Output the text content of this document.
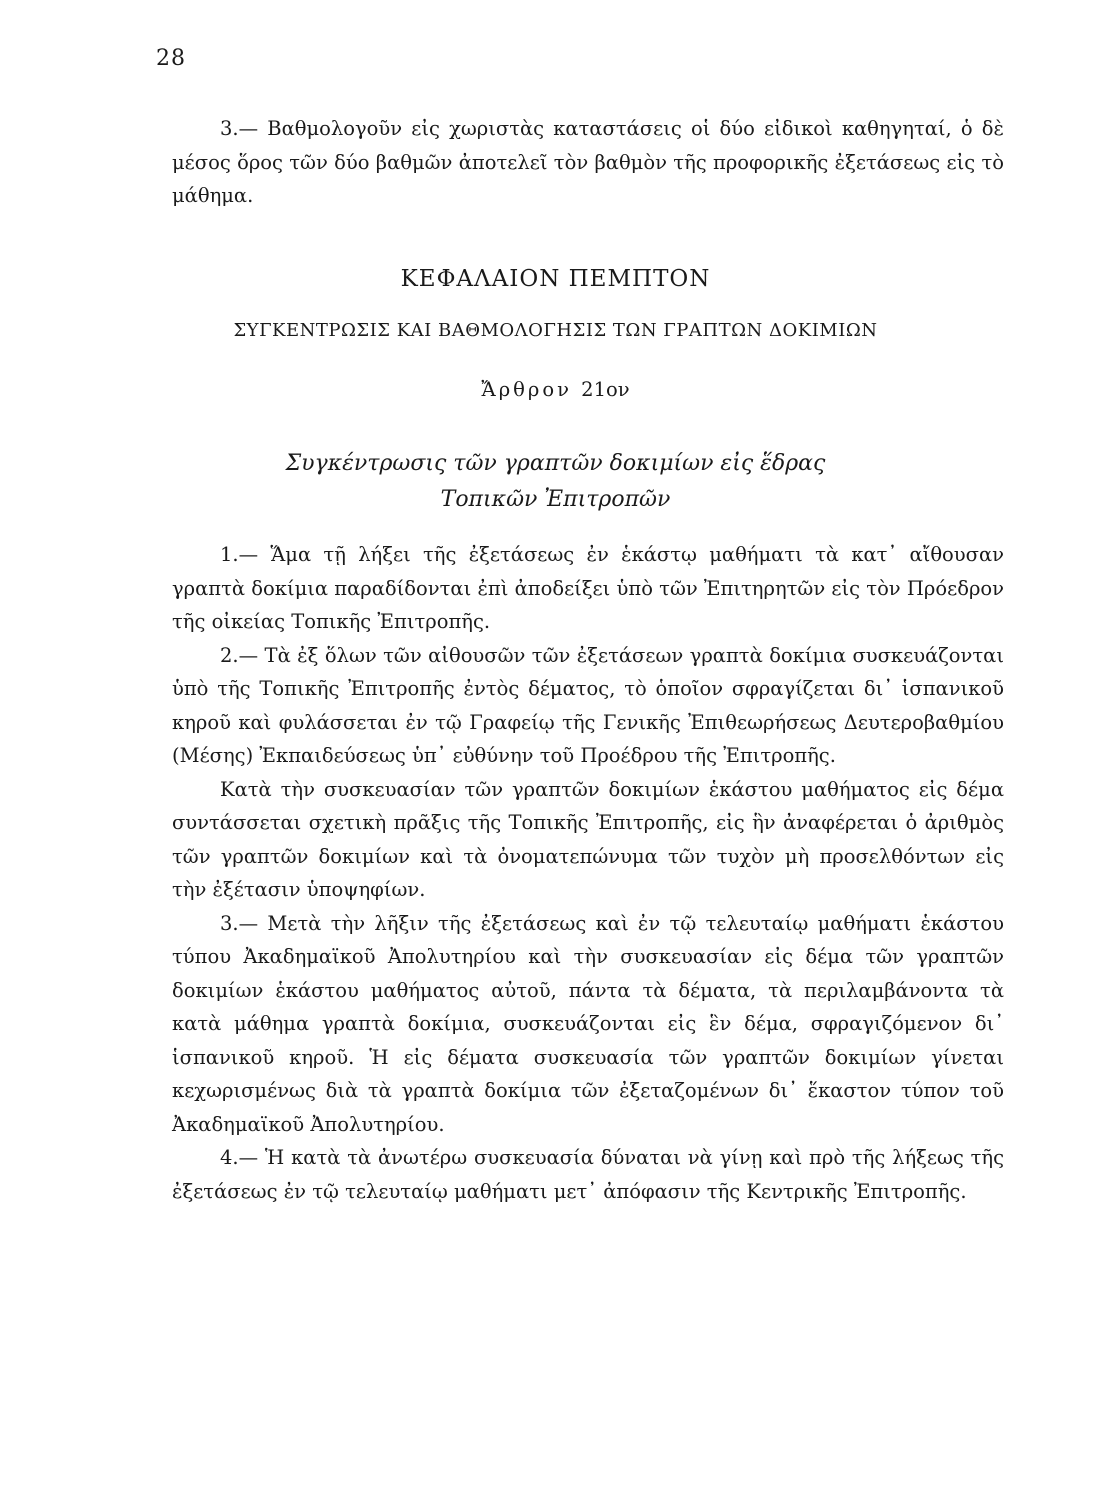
28

3.— Βαθμολογοῦν εἰς χωριστὰς καταστάσεις οἱ δύο εἰδικοὶ καθηγηταί, ὁ δὲ μέσος ὅρος τῶν δύο βαθμῶν ἀποτελεῖ τὸν βαθμὸν τῆς προφορικῆς ἐξετάσεως εἰς τὸ μάθημα.

ΚΕΦΑΛΑΙΟΝ ΠΕΜΠΤΟΝ
ΣΥΓΚΕΝΤΡΩΣΙΣ ΚΑΙ ΒΑΘΜΟΛΟΓΗΣΙΣ ΤΩΝ ΓΡΑΠΤΩΝ ΔΟΚΙΜΙΩΝ
Ἄρθρον 21ον
Συγκέντρωσις τῶν γραπτῶν δοκιμίων εἰς ἕδρας
Τοπικῶν Ἐπιτροπῶν

1.— Ἅμα τῇ λήξει τῆς ἐξετάσεως ἐν ἑκάστῳ μαθήματι τὰ κατ᾽ αἴθουσαν γραπτὰ δοκίμια παραδίδονται ἐπὶ ἀποδείξει ὑπὸ τῶν Ἐπιτηρητῶν εἰς τὸν Πρόεδρον τῆς οἰκείας Τοπικῆς Ἐπιτροπῆς.

2.— Τὰ ἐξ ὅλων τῶν αἰθουσῶν τῶν ἐξετάσεων γραπτὰ δοκίμια συσκευάζονται ὑπὸ τῆς Τοπικῆς Ἐπιτροπῆς ἐντὸς δέματος, τὸ ὁποῖον σφραγίζεται δι᾽ ἱσπανικοῦ κηροῦ καὶ φυλάσσεται ἐν τῷ Γραφείῳ τῆς Γενικῆς Ἐπιθεωρήσεως Δευτεροβαθμίου (Μέσης) Ἐκπαιδεύσεως ὑπ᾽ εὐθύνην τοῦ Προέδρου τῆς Ἐπιτροπῆς.

Κατὰ τὴν συσκευασίαν τῶν γραπτῶν δοκιμίων ἑκάστου μαθήματος εἰς δέμα συντάσσεται σχετικὴ πρᾶξις τῆς Τοπικῆς Ἐπιτροπῆς, εἰς ἣν ἀναφέρεται ὁ ἀριθμὸς τῶν γραπτῶν δοκιμίων καὶ τὰ ὀνοματεπώνυμα τῶν τυχὸν μὴ προσελθόντων εἰς τὴν ἐξέτασιν ὑποψηφίων.

3.— Μετὰ τὴν λῆξιν τῆς ἐξετάσεως καὶ ἐν τῷ τελευταίῳ μαθήματι ἑκάστου τύπου Ἀκαδημαϊκοῦ Ἀπολυτηρίου καὶ τὴν συσκευασίαν εἰς δέμα τῶν γραπτῶν δοκιμίων ἑκάστου μαθήματος αὐτοῦ, πάντα τὰ δέματα, τὰ περιλαμβάνοντα τὰ κατὰ μάθημα γραπτὰ δοκίμια, συσκευάζονται εἰς ἓν δέμα, σφραγιζόμενον δι᾽ ἱσπανικοῦ κηροῦ. Ἡ εἰς δέματα συσκευασία τῶν γραπτῶν δοκιμίων γίνεται κεχωρισμένως διὰ τὰ γραπτὰ δοκίμια τῶν ἐξεταζομένων δι᾽ ἕκαστον τύπον τοῦ Ἀκαδημαϊκοῦ Ἀπολυτηρίου.

4.— Ἡ κατὰ τὰ ἀνωτέρω συσκευασία δύναται νὰ γίνῃ καὶ πρὸ τῆς λήξεως τῆς ἐξετάσεως ἐν τῷ τελευταίῳ μαθήματι μετ᾽ ἀπόφασιν τῆς Κεντρικῆς Ἐπιτροπῆς.
